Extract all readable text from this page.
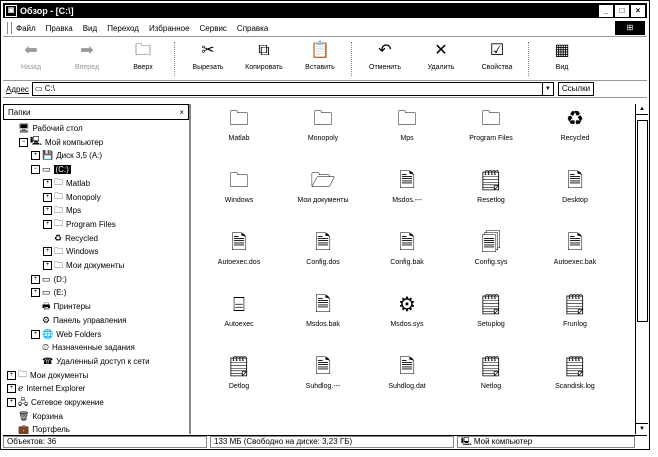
▣ Обзор - [C:\]	_	□	×
Файл Правка Вид Переход Избранное Сервис Справка	⊞
⬅
Назад
➡
Вперед
🗀
Вверх
✂
Вырезать
⧉
Копировать
📋
Вставить
↶
Отменить
✕
Удалить
☑
Свойства
▦
Вид
Адрес ▭ C:\	▼	Ссылки
Папки	×
🖥 Рабочий стол
− 🖳 Мой компьютер
+ 💾 Диск 3,5 (A:)
− ▭ (C:)
+ 🗀 Matlab
+ 🗀 Monopoly
+ 🗀 Mps
+ 🗀 Program Files
♻ Recycled
+ 🗀 Windows
+ 🗀 Мои документы
+ ▭ (D:)
+ ▭ (E:)
🖶 Принтеры
⚙ Панель управления
+ 🌐 Web Folders
⏲ Назначенные задания
☎ Удаленный доступ к сети
+ 🗀 Мои документы
+ ℯ Internet Explorer
+ 🖧 Сетевое окружение
🗑 Корзина
💼 Портфель
🗀
Matlab
🗀
Monopoly
🗀
Mps
🗀
Program Files
♻
Recycled
🗀
Windows
🗁
Мои документы
🗎
Msdos.---
🗒
Resetlog
🗎
Desktop
🗎
Autoexec.dos
🗎
Config.dos
🗎
Config.bak
🗐
Config.sys
🗎
Autoexec.bak
⌸
Autoexec
🗎
Msdos.bak
⚙
Msdos.sys
🗒
Setuplog
🗒
Frunlog
🗒
Detlog
🗎
Suhdlog.---
🗎
Suhdlog.dat
🗒
Netlog
🗒
Scandisk.log
▲
▼
Объектов: 36	133 МБ (Свободно на диске: 3,23 ГБ)	🖳 Мой компьютер
